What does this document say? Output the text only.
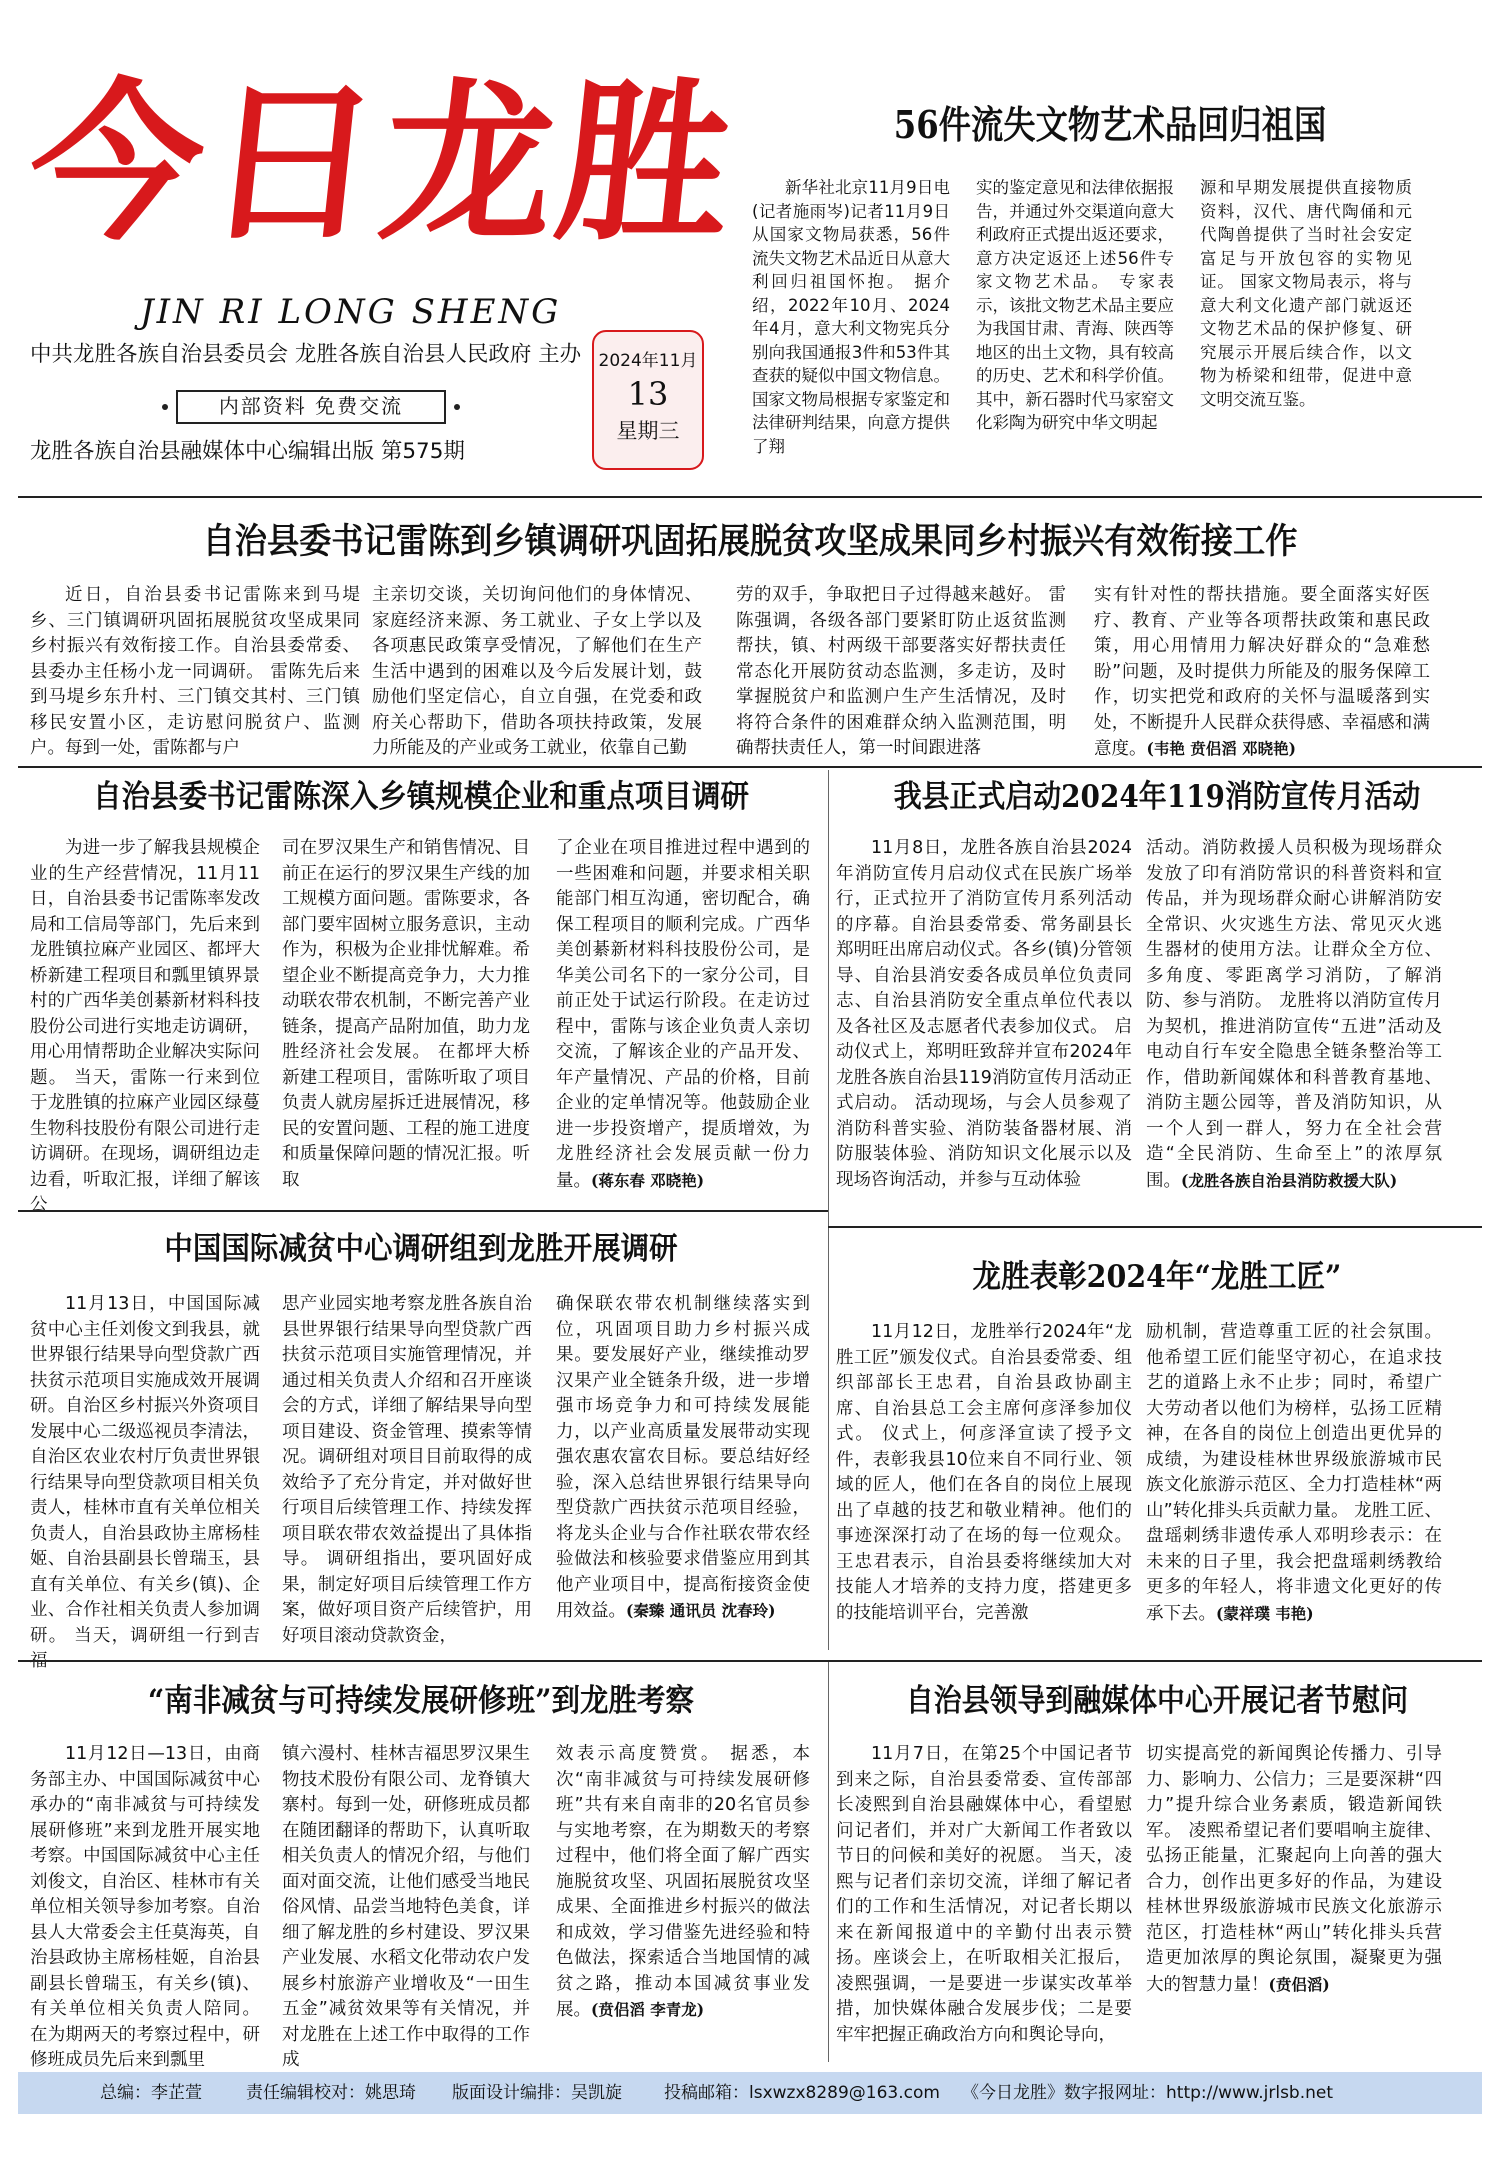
今日龙胜
JIN RI LONG SHENG
中共龙胜各族自治县委员会 龙胜各族自治县人民政府 主办
内部资料 免费交流
龙胜各族自治县融媒体中心编辑出版 第575期
2024年11月
13
星期三
56件流失文物艺术品回归祖国

新华社北京11月9日电(记者施雨岑)记者11月9日从国家文物局获悉，56件流失文物艺术品近日从意大利回归祖国怀抱。 据介绍，2022年10月、2024年4月，意大利文物宪兵分别向我国通报3件和53件其查获的疑似中国文物信息。国家文物局根据专家鉴定和法律研判结果，向意方提供了翔

实的鉴定意见和法律依据报告，并通过外交渠道向意大利政府正式提出返还要求，意方决定返还上述56件专家文物艺术品。 专家表示，该批文物艺术品主要应为我国甘肃、青海、陕西等地区的出土文物，具有较高的历史、艺术和科学价值。其中，新石器时代马家窑文化彩陶为研究中华文明起

源和早期发展提供直接物质资料，汉代、唐代陶俑和元代陶兽提供了当时社会安定富足与开放包容的实物见证。 国家文物局表示，将与意大利文化遗产部门就返还文物艺术品的保护修复、研究展示开展后续合作，以文物为桥梁和纽带，促进中意文明交流互鉴。

自治县委书记雷陈到乡镇调研巩固拓展脱贫攻坚成果同乡村振兴有效衔接工作

近日，自治县委书记雷陈来到马堤乡、三门镇调研巩固拓展脱贫攻坚成果同乡村振兴有效衔接工作。自治县委常委、县委办主任杨小龙一同调研。 雷陈先后来到马堤乡东升村、三门镇交其村、三门镇移民安置小区，走访慰问脱贫户、监测户。每到一处，雷陈都与户

主亲切交谈，关切询问他们的身体情况、家庭经济来源、务工就业、子女上学以及各项惠民政策享受情况，了解他们在生产生活中遇到的困难以及今后发展计划，鼓励他们坚定信心，自立自强，在党委和政府关心帮助下，借助各项扶持政策，发展力所能及的产业或务工就业，依靠自己勤

劳的双手，争取把日子过得越来越好。 雷陈强调，各级各部门要紧盯防止返贫监测帮扶，镇、村两级干部要落实好帮扶责任常态化开展防贫动态监测，多走访，及时掌握脱贫户和监测户生产生活情况，及时将符合条件的困难群众纳入监测范围，明确帮扶责任人，第一时间跟进落

实有针对性的帮扶措施。要全面落实好医疗、教育、产业等各项帮扶政策和惠民政策，用心用情用力解决好群众的“急难愁盼”问题，及时提供力所能及的服务保障工作，切实把党和政府的关怀与温暖落到实处，不断提升人民群众获得感、幸福感和满意度。(韦艳 贲侣滔 邓晓艳)

自治县委书记雷陈深入乡镇规模企业和重点项目调研

为进一步了解我县规模企业的生产经营情况，11月11日，自治县委书记雷陈率发改局和工信局等部门，先后来到龙胜镇拉麻产业园区、都坪大桥新建工程项目和瓢里镇界景村的广西华美创綦新材料科技股份公司进行实地走访调研，用心用情帮助企业解决实际问题。 当天，雷陈一行来到位于龙胜镇的拉麻产业园区绿蔓生物科技股份有限公司进行走访调研。在现场，调研组边走边看，听取汇报，详细了解该公

司在罗汉果生产和销售情况、目前正在运行的罗汉果生产线的加工规模方面问题。雷陈要求，各部门要牢固树立服务意识，主动作为，积极为企业排忧解难。希望企业不断提高竞争力，大力推动联农带农机制，不断完善产业链条，提高产品附加值，助力龙胜经济社会发展。 在都坪大桥新建工程项目，雷陈听取了项目负责人就房屋拆迁进展情况，移民的安置问题、工程的施工进度和质量保障问题的情况汇报。听取

了企业在项目推进过程中遇到的一些困难和问题，并要求相关职能部门相互沟通，密切配合，确保工程项目的顺利完成。广西华美创綦新材料科技股份公司，是华美公司名下的一家分公司，目前正处于试运行阶段。在走访过程中，雷陈与该企业负责人亲切交流，了解该企业的产品开发、年产量情况、产品的价格，目前企业的定单情况等。他鼓励企业进一步投资增产，提质增效，为龙胜经济社会发展贡献一份力量。(蒋东春 邓晓艳)

我县正式启动2024年119消防宣传月活动

11月8日，龙胜各族自治县2024年消防宣传月启动仪式在民族广场举行，正式拉开了消防宣传月系列活动的序幕。自治县委常委、常务副县长郑明旺出席启动仪式。各乡(镇)分管领导、自治县消安委各成员单位负责同志、自治县消防安全重点单位代表以及各社区及志愿者代表参加仪式。 启动仪式上，郑明旺致辞并宣布2024年龙胜各族自治县119消防宣传月活动正式启动。 活动现场，与会人员参观了消防科普实验、消防装备器材展、消防服装体验、消防知识文化展示以及现场咨询活动，并参与互动体验

活动。消防救援人员积极为现场群众发放了印有消防常识的科普资料和宣传品，并为现场群众耐心讲解消防安全常识、火灾逃生方法、常见灭火逃生器材的使用方法。让群众全方位、多角度、零距离学习消防，了解消防、参与消防。 龙胜将以消防宣传月为契机，推进消防宣传“五进”活动及电动自行车安全隐患全链条整治等工作，借助新闻媒体和科普教育基地、消防主题公园等，普及消防知识，从一个人到一群人，努力在全社会营造“全民消防、生命至上”的浓厚氛围。(龙胜各族自治县消防救援大队)

中国国际减贫中心调研组到龙胜开展调研

11月13日，中国国际减贫中心主任刘俊文到我县，就世界银行结果导向型贷款广西扶贫示范项目实施成效开展调研。自治区乡村振兴外资项目发展中心二级巡视员李清法，自治区农业农村厅负责世界银行结果导向型贷款项目相关负责人，桂林市直有关单位相关负责人，自治县政协主席杨桂姬、自治县副县长曾瑞玉，县直有关单位、有关乡(镇)、企业、合作社相关负责人参加调研。 当天，调研组一行到吉福

思产业园实地考察龙胜各族自治县世界银行结果导向型贷款广西扶贫示范项目实施管理情况，并通过相关负责人介绍和召开座谈会的方式，详细了解结果导向型项目建设、资金管理、摸索等情况。调研组对项目目前取得的成效给予了充分肯定，并对做好世行项目后续管理工作、持续发挥项目联农带农效益提出了具体指导。 调研组指出，要巩固好成果，制定好项目后续管理工作方案，做好项目资产后续管护，用好项目滚动贷款资金，

确保联农带农机制继续落实到位，巩固项目助力乡村振兴成果。要发展好产业，继续推动罗汉果产业全链条升级，进一步增强市场竞争力和可持续发展能力，以产业高质量发展带动实现强农惠农富农目标。要总结好经验，深入总结世界银行结果导向型贷款广西扶贫示范项目经验，将龙头企业与合作社联农带农经验做法和核验要求借鉴应用到其他产业项目中，提高衔接资金使用效益。(秦臻 通讯员 沈春玲)

龙胜表彰2024年“龙胜工匠”

11月12日，龙胜举行2024年“龙胜工匠”颁发仪式。自治县委常委、组织部部长王忠君，自治县政协副主席、自治县总工会主席何彦泽参加仪式。 仪式上，何彦泽宣读了授予文件，表彰我县10位来自不同行业、领域的匠人，他们在各自的岗位上展现出了卓越的技艺和敬业精神。他们的事迹深深打动了在场的每一位观众。 王忠君表示，自治县委将继续加大对技能人才培养的支持力度，搭建更多的技能培训平台，完善激

励机制，营造尊重工匠的社会氛围。他希望工匠们能坚守初心，在追求技艺的道路上永不止步；同时，希望广大劳动者以他们为榜样，弘扬工匠精神，在各自的岗位上创造出更优异的成绩，为建设桂林世界级旅游城市民族文化旅游示范区、全力打造桂林“两山”转化排头兵贡献力量。 龙胜工匠、盘瑶刺绣非遗传承人邓明珍表示：在未来的日子里，我会把盘瑶刺绣教给更多的年轻人，将非遗文化更好的传承下去。(蒙祥璞 韦艳)

“南非减贫与可持续发展研修班”到龙胜考察

11月12日—13日，由商务部主办、中国国际减贫中心承办的“南非减贫与可持续发展研修班”来到龙胜开展实地考察。中国国际减贫中心主任刘俊文，自治区、桂林市有关单位相关领导参加考察。自治县人大常委会主任莫海英，自治县政协主席杨桂姬，自治县副县长曾瑞玉，有关乡(镇)、有关单位相关负责人陪同。 在为期两天的考察过程中，研修班成员先后来到瓢里

镇六漫村、桂林吉福思罗汉果生物技术股份有限公司、龙脊镇大寨村。每到一处，研修班成员都在随团翻译的帮助下，认真听取相关负责人的情况介绍，与他们面对面交流，让他们感受当地民俗风情、品尝当地特色美食，详细了解龙胜的乡村建设、罗汉果产业发展、水稻文化带动农户发展乡村旅游产业增收及“一田生五金”减贫效果等有关情况，并对龙胜在上述工作中取得的工作成

效表示高度赞赏。 据悉，本次“南非减贫与可持续发展研修班”共有来自南非的20名官员参与实地考察，在为期数天的考察过程中，他们将全面了解广西实施脱贫攻坚、巩固拓展脱贫攻坚成果、全面推进乡村振兴的做法和成效，学习借鉴先进经验和特色做法，探索适合当地国情的减贫之路，推动本国减贫事业发展。(贲侣滔 李青龙)

自治县领导到融媒体中心开展记者节慰问

11月7日，在第25个中国记者节到来之际，自治县委常委、宣传部部长凌熙到自治县融媒体中心，看望慰问记者们，并对广大新闻工作者致以节日的问候和美好的祝愿。 当天，凌熙与记者们亲切交流，详细了解记者们的工作和生活情况，对记者长期以来在新闻报道中的辛勤付出表示赞扬。座谈会上，在听取相关汇报后，凌熙强调，一是要进一步谋实改革举措，加快媒体融合发展步伐；二是要牢牢把握正确政治方向和舆论导向，

切实提高党的新闻舆论传播力、引导力、影响力、公信力；三是要深耕“四力”提升综合业务素质，锻造新闻铁军。 凌熙希望记者们要唱响主旋律、弘扬正能量，汇聚起向上向善的强大合力，创作出更多好的作品，为建设桂林世界级旅游城市民族文化旅游示范区，打造桂林“两山”转化排头兵营造更加浓厚的舆论氛围，凝聚更为强大的智慧力量！(贲侣滔)

总编：李芷萱	责任编辑校对：姚思琦 版面设计编排：吴凯旋 投稿邮箱：lsxwzx8289@163.com 《今日龙胜》数字报网址：http://www.jrlsb.net
